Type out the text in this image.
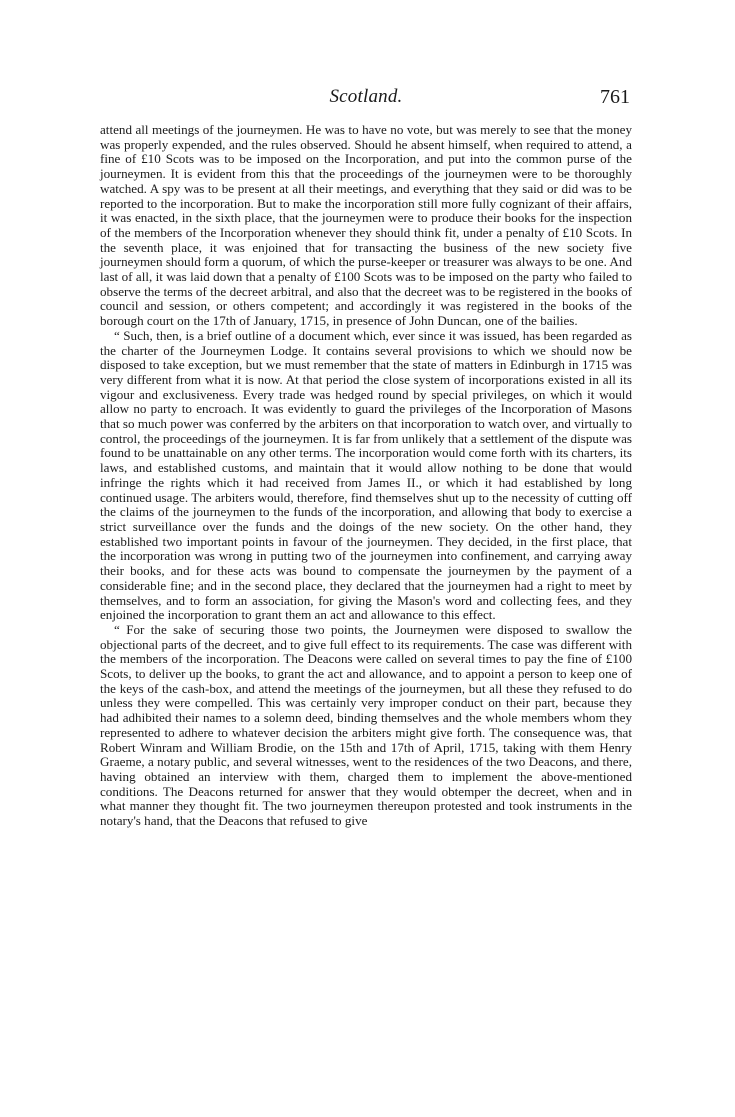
Scotland.	761

attend all meetings of the journeymen. He was to have no vote, but was merely to see that the money was properly expended, and the rules observed. Should he absent himself, when required to attend, a fine of £10 Scots was to be imposed on the Incorporation, and put into the common purse of the journeymen. It is evident from this that the proceedings of the journeymen were to be thoroughly watched. A spy was to be present at all their meetings, and everything that they said or did was to be reported to the incorporation. But to make the incorporation still more fully cognizant of their affairs, it was enacted, in the sixth place, that the journeymen were to produce their books for the inspection of the members of the Incorporation whenever they should think fit, under a penalty of £10 Scots. In the seventh place, it was enjoined that for transacting the business of the new society five journeymen should form a quorum, of which the purse-keeper or treasurer was always to be one. And last of all, it was laid down that a penalty of £100 Scots was to be imposed on the party who failed to observe the terms of the decreet arbitral, and also that the decreet was to be registered in the books of council and session, or others competent; and accordingly it was registered in the books of the borough court on the 17th of January, 1715, in presence of John Duncan, one of the bailies.

“ Such, then, is a brief outline of a document which, ever since it was issued, has been regarded as the charter of the Journeymen Lodge. It contains several provisions to which we should now be disposed to take exception, but we must remember that the state of matters in Edinburgh in 1715 was very different from what it is now. At that period the close system of incorporations existed in all its vigour and exclusiveness. Every trade was hedged round by special privileges, on which it would allow no party to encroach. It was evidently to guard the privileges of the Incorporation of Masons that so much power was conferred by the arbiters on that incorporation to watch over, and virtually to control, the proceedings of the journeymen. It is far from unlikely that a settlement of the dispute was found to be unattainable on any other terms. The incorporation would come forth with its charters, its laws, and established customs, and maintain that it would allow nothing to be done that would infringe the rights which it had received from James II., or which it had established by long continued usage. The arbiters would, therefore, find themselves shut up to the necessity of cutting off the claims of the journeymen to the funds of the incorporation, and allowing that body to exercise a strict surveillance over the funds and the doings of the new society. On the other hand, they established two important points in favour of the journeymen. They decided, in the first place, that the incorporation was wrong in putting two of the journeymen into confinement, and carrying away their books, and for these acts was bound to compensate the journeymen by the payment of a considerable fine; and in the second place, they declared that the journeymen had a right to meet by themselves, and to form an association, for giving the Mason's word and collecting fees, and they enjoined the incorporation to grant them an act and allowance to this effect.

“ For the sake of securing those two points, the Journeymen were disposed to swallow the objectional parts of the decreet, and to give full effect to its requirements. The case was different with the members of the incorporation. The Deacons were called on several times to pay the fine of £100 Scots, to deliver up the books, to grant the act and allowance, and to appoint a person to keep one of the keys of the cash-box, and attend the meetings of the journeymen, but all these they refused to do unless they were compelled. This was certainly very improper conduct on their part, because they had adhibited their names to a solemn deed, binding themselves and the whole members whom they represented to adhere to whatever decision the arbiters might give forth. The consequence was, that Robert Winram and William Brodie, on the 15th and 17th of April, 1715, taking with them Henry Graeme, a notary public, and several witnesses, went to the residences of the two Deacons, and there, having obtained an interview with them, charged them to implement the above-mentioned conditions. The Deacons returned for answer that they would obtemper the decreet, when and in what manner they thought fit. The two journeymen thereupon protested and took instruments in the notary's hand, that the Deacons that refused to give
